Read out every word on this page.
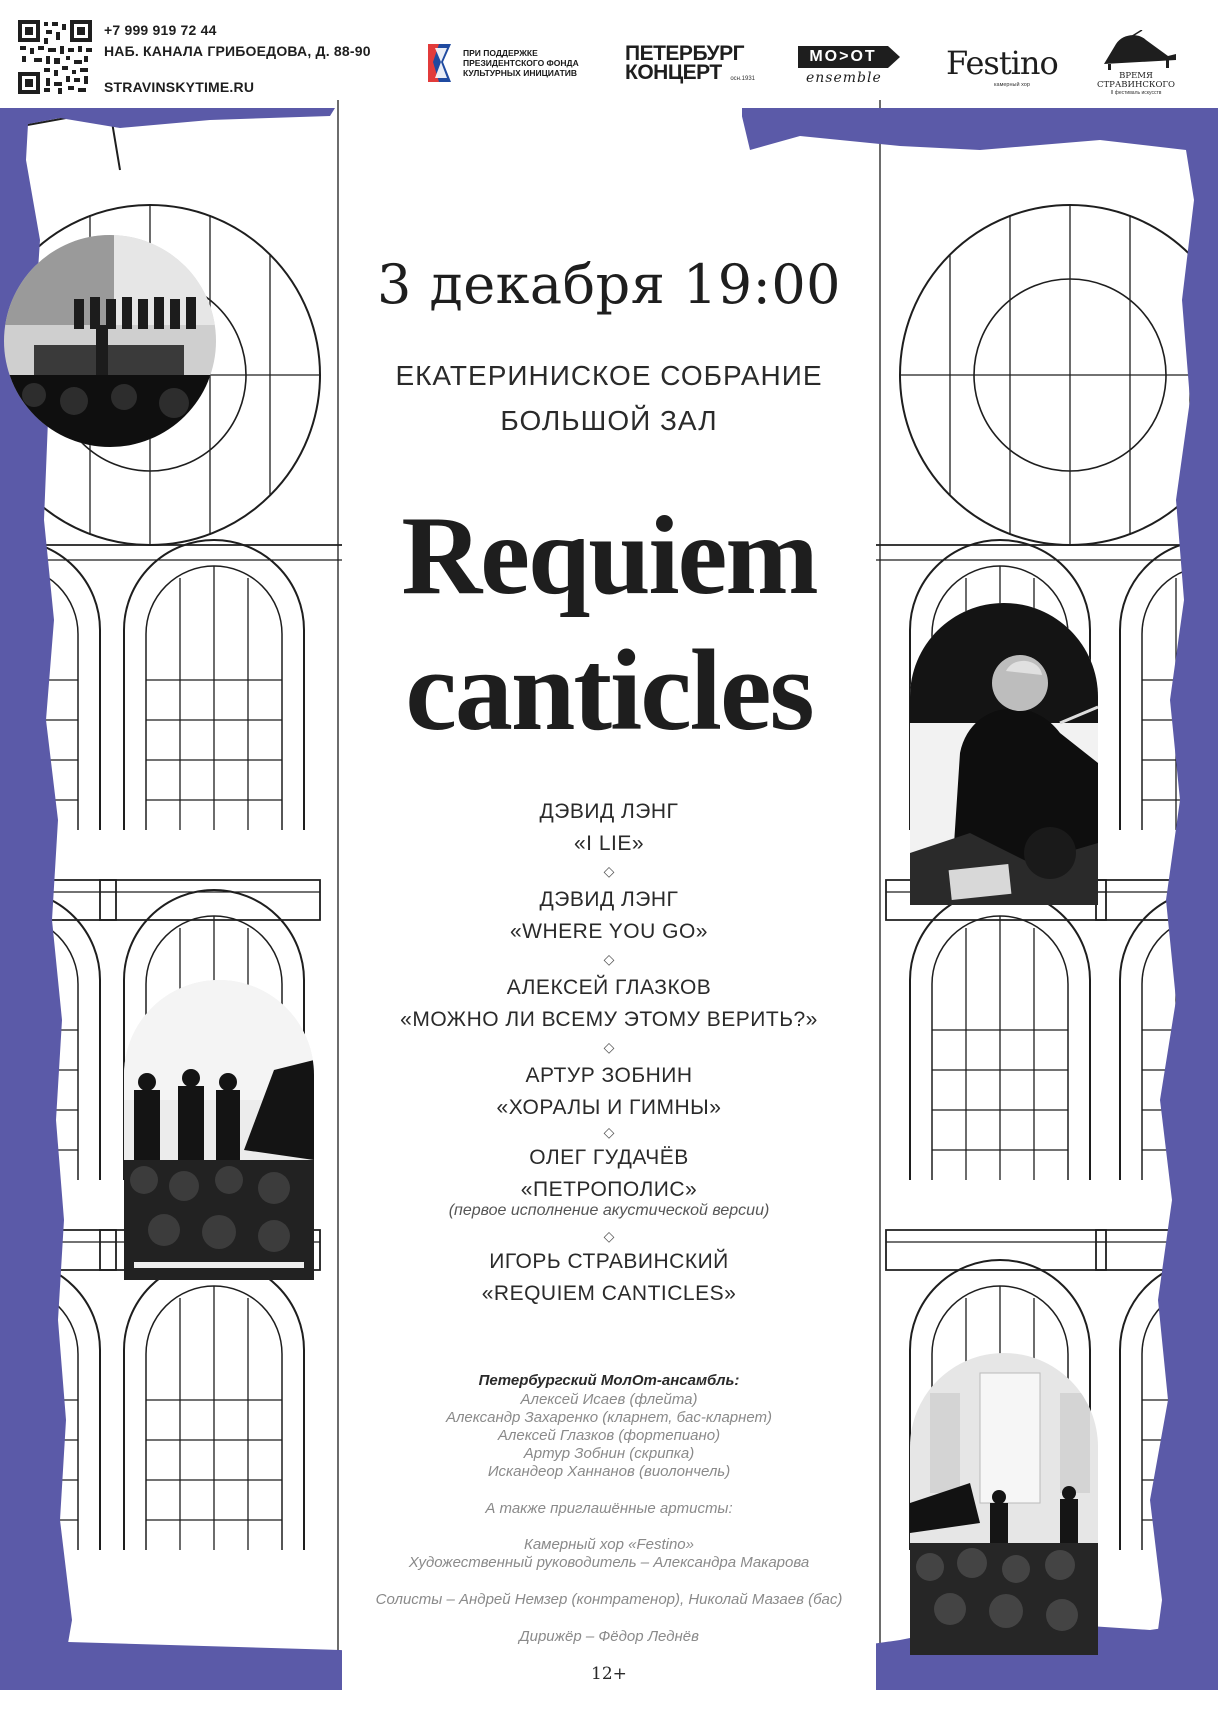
+7 999 919 72 44
НАБ. КАНАЛА ГРИБОЕДОВА, Д. 88-90
STRAVINSKYTIME.RU
ПРИ ПОДДЕРЖКЕ
ПРЕЗИДЕНТСКОГО ФОНДА
КУЛЬТУРНЫХ ИНИЦИАТИВ
ПЕТЕРБУРГ
КОНЦЕРТ	осн.1931
MO>OT
ensemble Festino
камерный хор
ВРЕМЯ
СТРАВИНСКОГО
II фестиваль искусств
3 декабря 19:00
ЕКАТЕРИНИСКОЕ СОБРАНИЕ
БОЛЬШОЙ ЗАЛ
Requiem
canticles
ДЭВИД ЛЭНГ
«I LIE»
◇
ДЭВИД ЛЭНГ
«WHERE YOU GO»
◇
АЛЕКСЕЙ ГЛАЗКОВ
«МОЖНО ЛИ ВСЕМУ ЭТОМУ ВЕРИТЬ?»
◇
АРТУР ЗОБНИН
«ХОРАЛЫ И ГИМНЫ»
◇
ОЛЕГ ГУДАЧЁВ
«ПЕТРОПОЛИС»
(первое исполнение акустической версии)
◇
ИГОРЬ СТРАВИНСКИЙ
«REQUIEM CANTICLES»
Петербургский МолОт-ансамбль:
Алексей Исаев (флейта)
Александр Захаренко (кларнет, бас-кларнет)
Алексей Глазков (фортепиано)
Артур Зобнин (скрипка)
Искандеор Ханнанов (виолончель)
А также приглашённые артисты:
Камерный хор «Festino»
Художественный руководитель – Александра Макарова
Солисты – Андрей Немзер (контратенор), Николай Мазаев (бас)
Дирижёр – Фёдор Леднёв
12+
